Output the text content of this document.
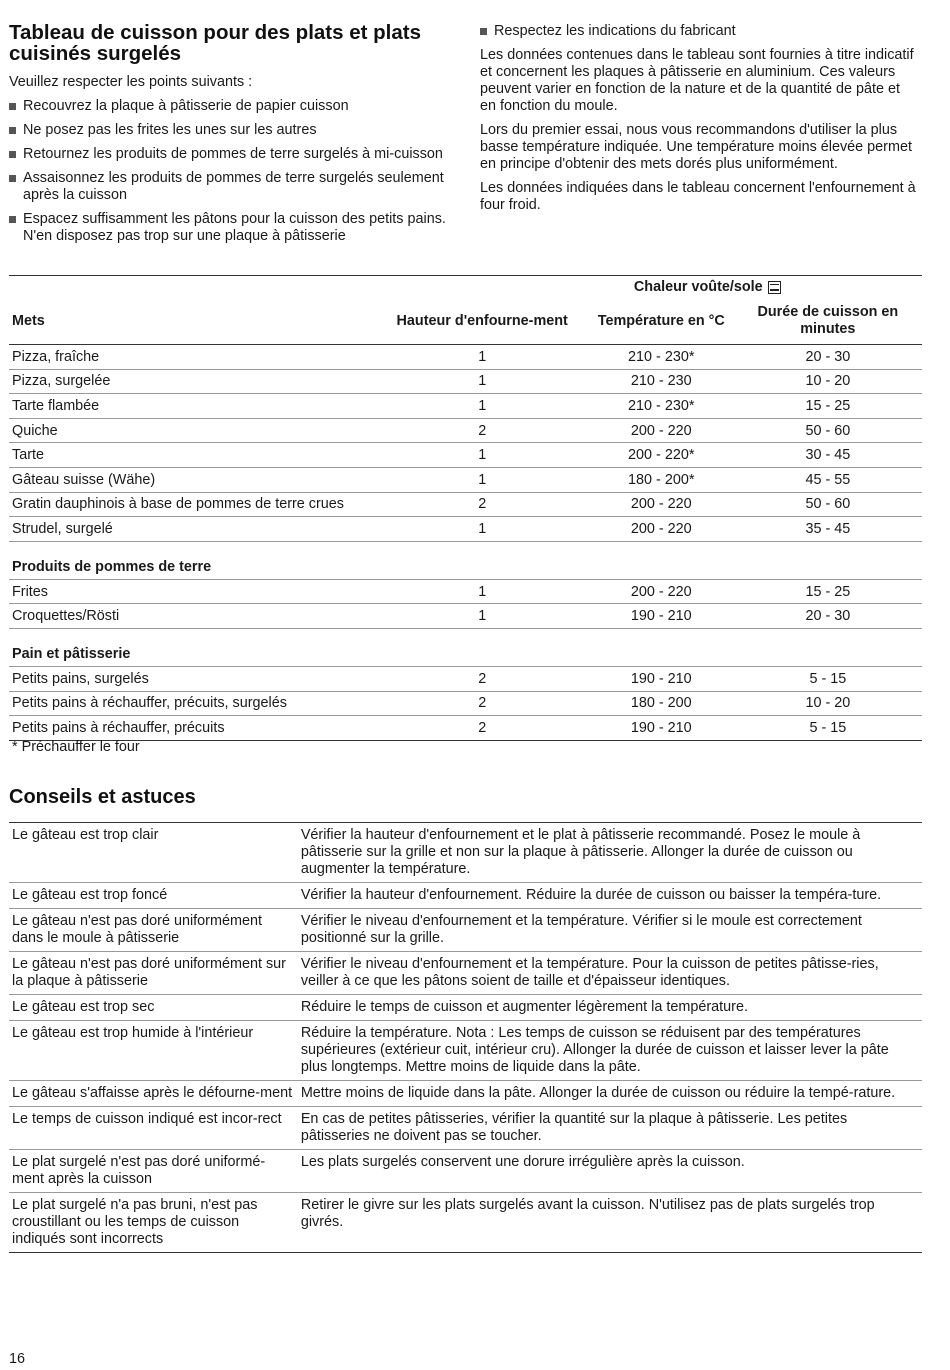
Tableau de cuisson pour des plats et plats cuisinés surgelés

Veuillez respecter les points suivants :

Recouvrez la plaque à pâtisserie de papier cuisson
Ne posez pas les frites les unes sur les autres
Retournez les produits de pommes de terre surgelés à mi-cuisson
Assaisonnez les produits de pommes de terre surgelés seulement après la cuisson
Espacez suffisamment les pâtons pour la cuisson des petits pains. N'en disposez pas trop sur une plaque à pâtisserie
Respectez les indications du fabricant

Les données contenues dans le tableau sont fournies à titre indicatif et concernent les plaques à pâtisserie en aluminium. Ces valeurs peuvent varier en fonction de la nature et de la quantité de pâte et en fonction du moule.

Lors du premier essai, nous vous recommandons d'utiliser la plus basse température indiquée. Une température moins élevée permet en principe d'obtenir des mets dorés plus uniformément.

Les données indiquées dans le tableau concernent l'enfournement à four froid.

	Chaleur voûte/sole		

Mets	Hauteur d'enfourne-ment	Température en °C	Durée de cuisson en minutes
Pizza, fraîche	1	210 - 230*	20 - 30
Pizza, surgelée	1	210 - 230	10 - 20
Tarte flambée	1	210 - 230*	15 - 25
Quiche	2	200 - 220	50 - 60
Tarte	1	200 - 220*	30 - 45
Gâteau suisse (Wähe)	1	180 - 200*	45 - 55
Gratin dauphinois à base de pommes de terre crues	2	200 - 220	50 - 60
Strudel, surgelé	1	200 - 220	35 - 45
Produits de pommes de terre			
Frites	1	200 - 220	15 - 25
Croquettes/Rösti	1	190 - 210	20 - 30
Pain et pâtisserie			
Petits pains, surgelés	2	190 - 210	5 - 15
Petits pains à réchauffer, précuits, surgelés	2	180 - 200	10 - 20
Petits pains à réchauffer, précuits	2	190 - 210	5 - 15
* Préchauffer le four
Conseils et astuces
Le gâteau est trop clair	Vérifier la hauteur d'enfournement et le plat à pâtisserie recommandé. Posez le moule à pâtisserie sur la grille et non sur la plaque à pâtisserie. Allonger la durée de cuisson ou augmenter la température.
Le gâteau est trop foncé	Vérifier la hauteur d'enfournement. Réduire la durée de cuisson ou baisser la tempéra-ture.
Le gâteau n'est pas doré uniformément dans le moule à pâtisserie	Vérifier le niveau d'enfournement et la température. Vérifier si le moule est correctement positionné sur la grille.
Le gâteau n'est pas doré uniformément sur la plaque à pâtisserie	Vérifier le niveau d'enfournement et la température. Pour la cuisson de petites pâtisse-ries, veiller à ce que les pâtons soient de taille et d'épaisseur identiques.
Le gâteau est trop sec	Réduire le temps de cuisson et augmenter légèrement la température.
Le gâteau est trop humide à l'intérieur	Réduire la température. Nota : Les temps de cuisson se réduisent par des températures supérieures (extérieur cuit, intérieur cru). Allonger la durée de cuisson et laisser lever la pâte plus longtemps. Mettre moins de liquide dans la pâte.
Le gâteau s'affaisse après le défourne-ment	Mettre moins de liquide dans la pâte. Allonger la durée de cuisson ou réduire la tempé-rature.
Le temps de cuisson indiqué est incor-rect	En cas de petites pâtisseries, vérifier la quantité sur la plaque à pâtisserie. Les petites pâtisseries ne doivent pas se toucher.
Le plat surgelé n'est pas doré uniformé-ment après la cuisson	Les plats surgelés conservent une dorure irrégulière après la cuisson.
Le plat surgelé n'a pas bruni, n'est pas croustillant ou les temps de cuisson indiqués sont incorrects	Retirer le givre sur les plats surgelés avant la cuisson. N'utilisez pas de plats surgelés trop givrés.
16
